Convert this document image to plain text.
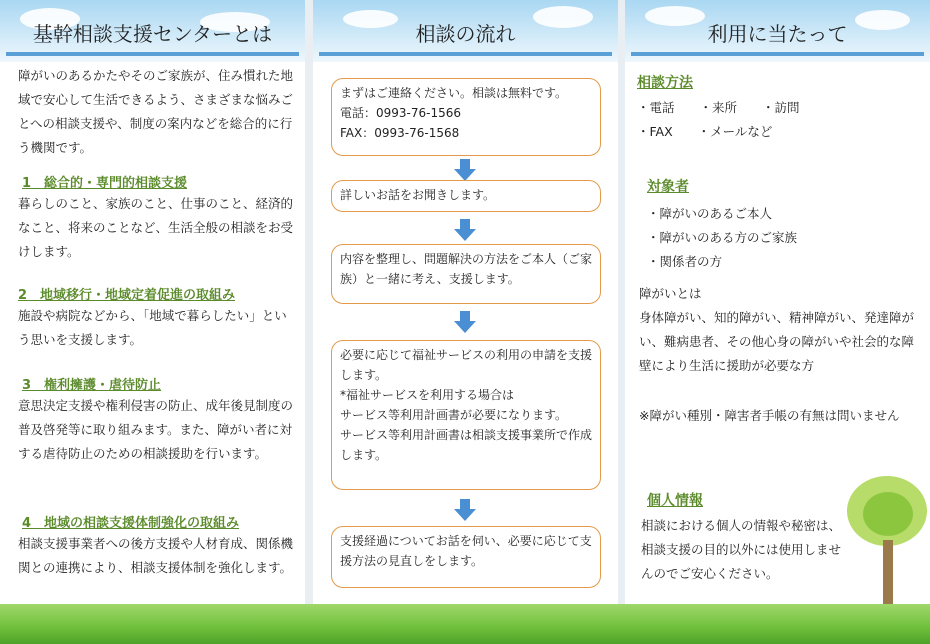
基幹相談支援センターとは
障がいのあるかたやそのご家族が、住み慣れた地域で安心して生活できるよう、さまざまな悩みごとへの相談支援や、制度の案内などを総合的に行う機関です。
1　総合的・専門的相談支援
暮らしのこと、家族のこと、仕事のこと、経済的なこと、将来のことなど、生活全般の相談をお受けします。
2　地域移行・地域定着促進の取組み
施設や病院などから、「地域で暮らしたい」という思いを支援します。
3　権利擁護・虐待防止
意思決定支援や権利侵害の防止、成年後見制度の普及啓発等に取り組みます。また、障がい者に対する虐待防止のための相談援助を行います。
4　地域の相談支援体制強化の取組み
相談支援事業者への後方支援や人材育成、関係機関との連携により、相談支援体制を強化します。
相談の流れ
まずはご連絡ください。相談は無料です。
電話：0993-76-1566
FAX：0993-76-1568
詳しいお話をお聞きします。
内容を整理し、問題解決の方法をご本人（ご家族）と一緒に考え、支援します。
必要に応じて福祉サービスの利用の申請を支援します。
*福祉サービスを利用する場合は
サービス等利用計画書が必要になります。
サービス等利用計画書は相談支援事業所で作成します。
支援経過についてお話を伺い、必要に応じて支援方法の見直しをします。
利用に当たって
相談方法
・電話　　・来所　　・訪問
・FAX　　・メールなど
対象者
・障がいのあるご本人
・障がいのある方のご家族
・関係者の方
障がいとは
身体障がい、知的障がい、精神障がい、発達障がい、難病患者、その他心身の障がいや社会的な障壁により生活に援助が必要な方
※障がい種別・障害者手帳の有無は問いません
個人情報
相談における個人の情報や秘密は、相談支援の目的以外には使用しませんのでご安心ください。
